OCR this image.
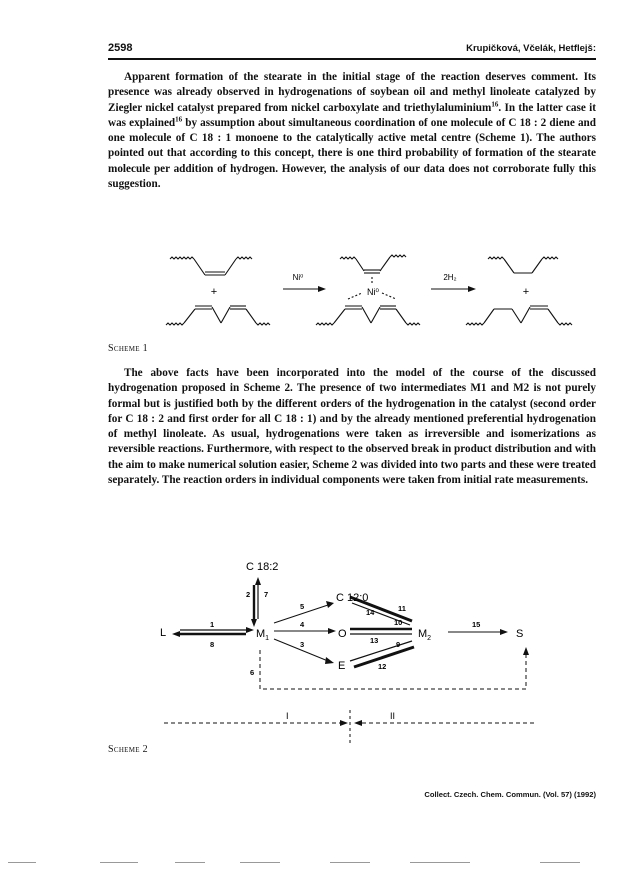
2598	Krupičková, Včelák, Hetflejš:

Apparent formation of the stearate in the initial stage of the reaction deserves comment. Its presence was already observed in hydrogenations of soybean oil and methyl linoleate catalyzed by Ziegler nickel catalyst prepared from nickel carboxylate and triethylaluminium$^{16}$. In the latter case it was explained$^{16}$ by assumption about simultaneous coordination of one molecule of C 18 : 2 diene and one molecule of C 18 : 1 monoene to the catalytically active metal centre (Scheme 1). The authors pointed out that according to this concept, there is one third probability of formation of the stearate molecule per addition of hydrogen. However, the analysis of our data does not corroborate fully this suggestion.

+	+
Ni⁰	2H₂
Ni⁰
Scheme 1

The above facts have been incorporated into the model of the course of the discussed hydrogenation proposed in Scheme 2. The presence of two intermediates M1 and M2 is not purely formal but is justified both by the different orders of the hydrogenation in the catalyst (second order for C 18 : 2 and first order for all C 18 : 1) and by the already mentioned preferential hydrogenation of methyl linoleate. As usual, hydrogenations were taken as irreversible and isomerizations as reversible reactions. Furthermore, with respect to the observed break in product distribution and with the aim to make numerical solution easier, Scheme 2 was divided into two parts and these were treated separately. The reaction orders in individual components were taken from initial rate measurements.

C 18:2
C 12:0
L	$M_1$	O	$M_2$	S
E
1
2
3
4
5
6
7
8	9
10
11
12
13
14
15
I	II
Scheme 2
Collect. Czech. Chem. Commun. (Vol. 57) (1992)
